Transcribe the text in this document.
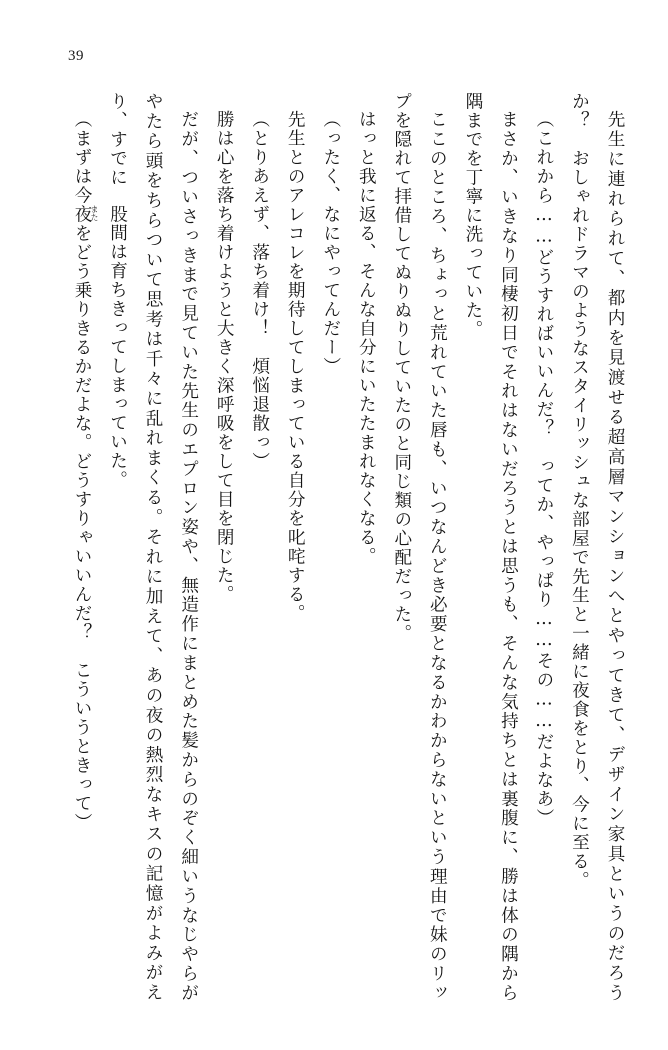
39

先生に連れられて、都内を見渡せる超高層マンションへとやってきて、デザイン家具というのだろうか？　おしゃれドラマのようなスタイリッシュな部屋で先生と一緒に夜食をとり、今に至る。

（これから……どうすればいいんだ？　ってか、やっぱり……その……だよなあ）

まさか、いきなり同棲初日でそれはないだろうとは思うも、そんな気持ちとは裏腹に、勝は体の隅から隅までを丁寧に洗っていた。

ここのところ、ちょっと荒れていた唇も、いつなんどき必要となるかわからないという理由で妹のリップを隠れて拝借してぬりぬりしていたのと同じ類の心配だった。

はっと我に返る、そんな自分にいたたまれなくなる。

（ったく、なにやってんだー）

先生とのアレコレを期待してしまっている自分を叱咤する。

（とりあえず、落ち着け！　煩悩退散っ）

勝は心を落ち着けようと大きく深呼吸をして目を閉じた。

だが、ついさっきまで見ていた先生のエプロン姿や、無造作にまとめた髪からのぞく細いうなじやらがやたら頭をちらついて思考は千々に乱れまくる。それに加えて、あの夜の熱烈なキスの記憶がよみがえり、すでに股
また
間は育ちきってしまっていた。

（まずは今夜をどう乗りきるかだよな。どうすりゃいいんだ？　こういうときって）
